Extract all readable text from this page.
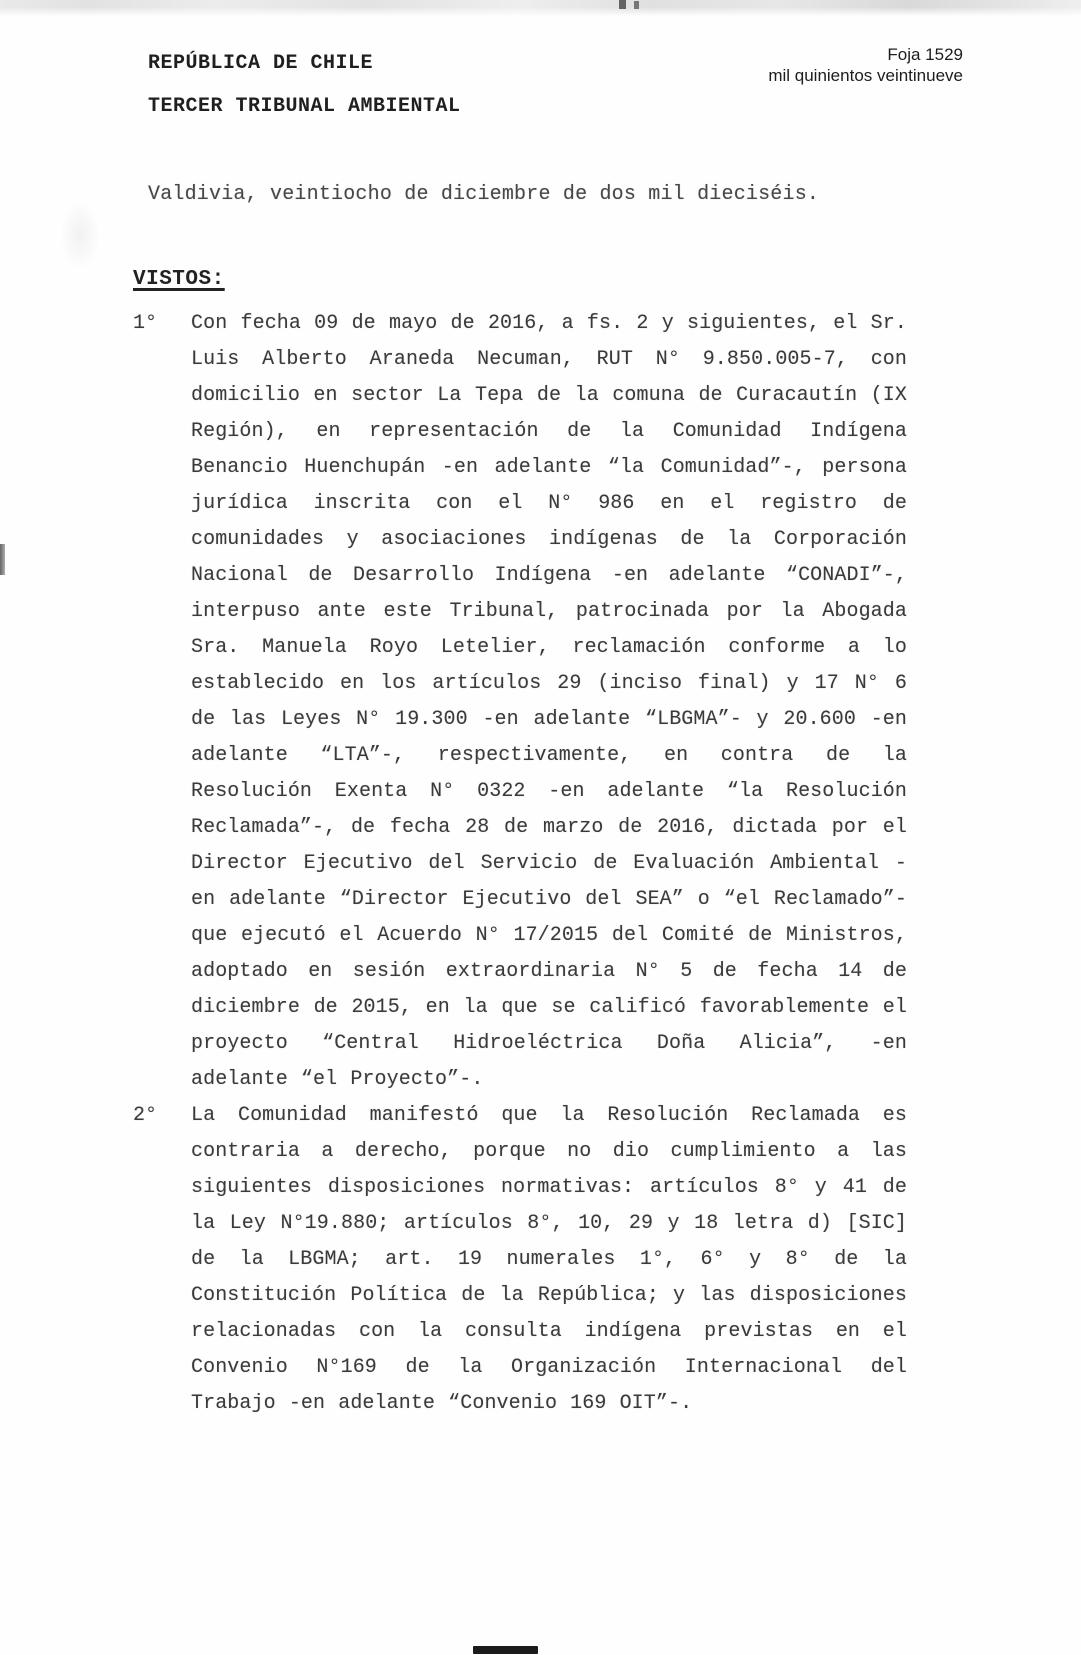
Foja 1529
mil quinientos veintinueve
REPÚBLICA DE CHILE
TERCER TRIBUNAL AMBIENTAL
Valdivia, veintiocho de diciembre de dos mil dieciséis.
VISTOS:
1°	Con fecha 09 de mayo de 2016, a fs. 2 y siguientes, el Sr. Luis Alberto Araneda Necuman, RUT N° 9.850.005-7, con domicilio en sector La Tepa de la comuna de Curacautín (IX Región), en representación de la Comunidad Indígena Benancio Huenchupán -en adelante “la Comunidad”-, persona jurídica inscrita con el N° 986 en el registro de comunidades y asociaciones indígenas de la Corporación Nacional de Desarrollo Indígena -en adelante “CONADI”-, interpuso ante este Tribunal, patrocinada por la Abogada Sra. Manuela Royo Letelier, reclamación conforme a lo establecido en los artículos 29 (inciso final) y 17 N° 6 de las Leyes N° 19.300 -en adelante “LBGMA”- y 20.600 -en adelante “LTA”-, respectivamente, en contra de la Resolución Exenta N° 0322 -en adelante “la Resolución Reclamada”-, de fecha 28 de marzo de 2016, dictada por el Director Ejecutivo del Servicio de Evaluación Ambiental - en adelante “Director Ejecutivo del SEA” o “el Reclamado”- que ejecutó el Acuerdo N° 17/2015 del Comité de Ministros, adoptado en sesión extraordinaria N° 5 de fecha 14 de diciembre de 2015, en la que se calificó favorablemente el proyecto “Central Hidroeléctrica Doña Alicia”, -en adelante “el Proyecto”-.
2°	La Comunidad manifestó que la Resolución Reclamada es contraria a derecho, porque no dio cumplimiento a las siguientes disposiciones normativas: artículos 8° y 41 de la Ley N°19.880; artículos 8°, 10, 29 y 18 letra d) [SIC] de la LBGMA; art. 19 numerales 1°, 6° y 8° de la Constitución Política de la República; y las disposiciones relacionadas con la consulta indígena previstas en el Convenio N°169 de la Organización Internacional del Trabajo -en adelante “Convenio 169 OIT”-.
